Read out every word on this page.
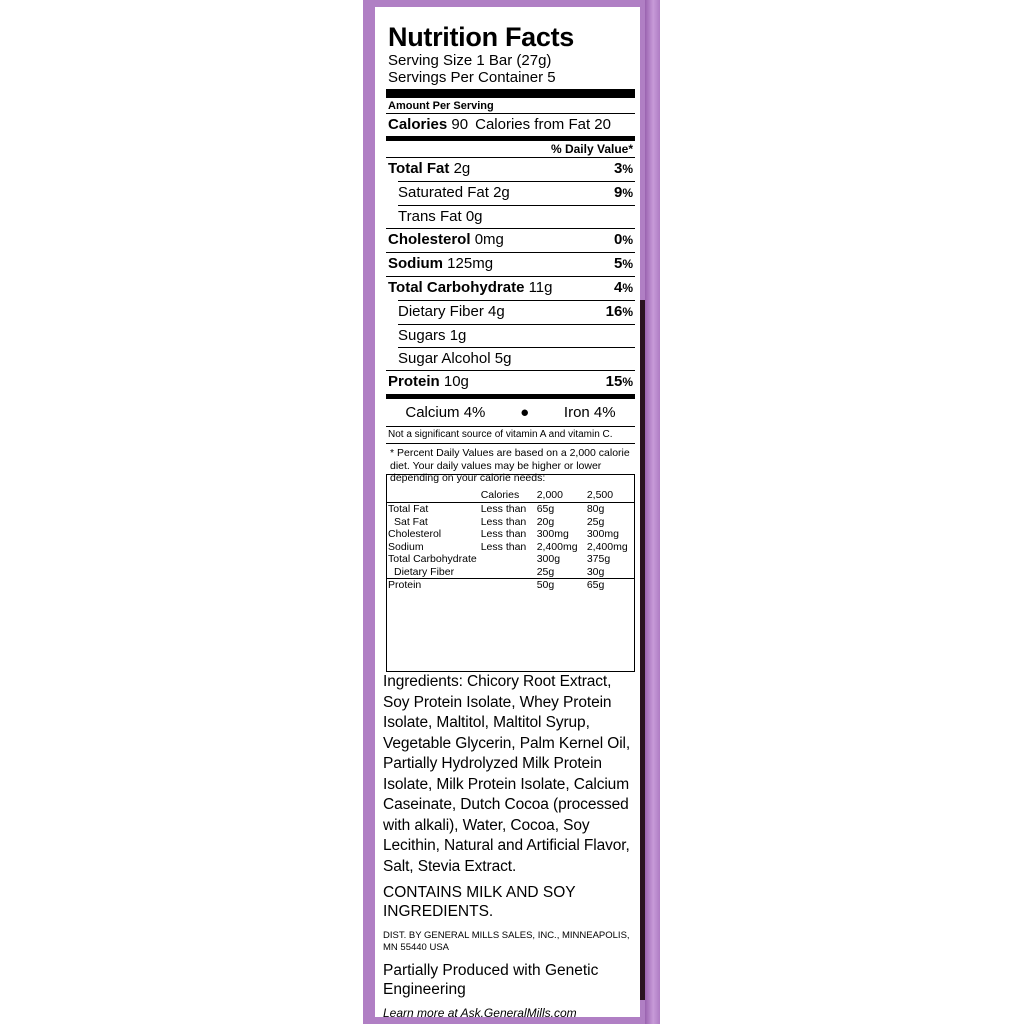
Nutrition Facts
Serving Size 1 Bar (27g)
Servings Per Container 5
Amount Per Serving
Calories 90 Calories from Fat 20
% Daily Value*
Total Fat 2g	3%
Saturated Fat 2g	9%
Trans Fat 0g
Cholesterol 0mg	0%
Sodium 125mg	5%
Total Carbohydrate 11g	4%
Dietary Fiber 4g	16%
Sugars 1g
Sugar Alcohol 5g
Protein 10g	15%
Calcium 4% ● Iron 4%
Not a significant source of vitamin A and vitamin C.
* Percent Daily Values are based on a 2,000 calorie diet. Your daily values may be higher or lower depending on your calorie needs:
	Calories	2,000	2,500

Total Fat	Less than	65g	80g
Sat Fat	Less than	20g	25g
Cholesterol	Less than	300mg	300mg
Sodium	Less than	2,400mg	2,400mg
Total Carbohydrate		300g	375g
Dietary Fiber		25g	30g

Protein		50g	65g
Ingredients: Chicory Root Extract, Soy Protein Isolate, Whey Protein Isolate, Maltitol, Maltitol Syrup, Vegetable Glycerin, Palm Kernel Oil, Partially Hydrolyzed Milk Protein Isolate, Milk Protein Isolate, Calcium Caseinate, Dutch Cocoa (processed with alkali), Water, Cocoa, Soy Lecithin, Natural and Artificial Flavor, Salt, Stevia Extract.
CONTAINS MILK AND SOY INGREDIENTS.
DIST. BY GENERAL MILLS SALES, INC., MINNEAPOLIS, MN 55440 USA
Partially Produced with Genetic Engineering
Learn more at Ask.GeneralMills.com
